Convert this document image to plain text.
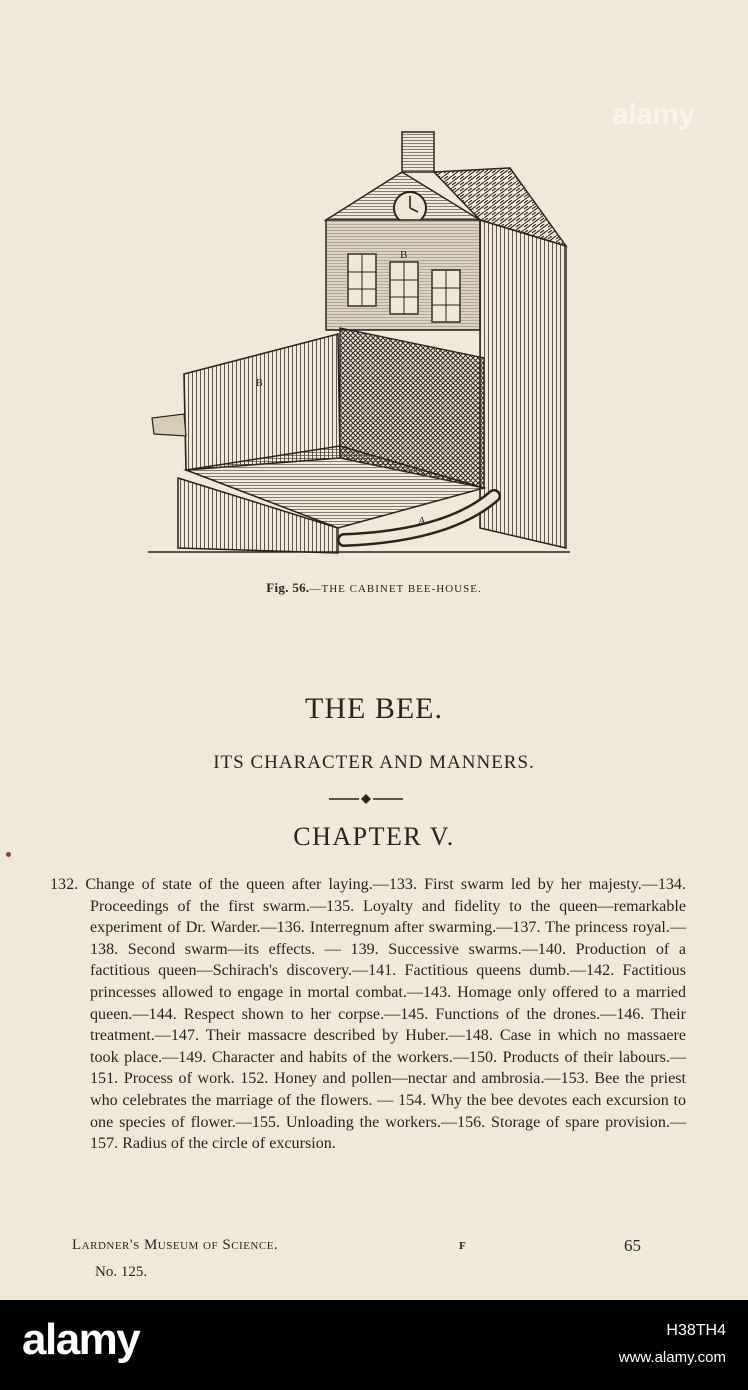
alamy
B
B
A
Fig. 56.—THE CABINET BEE-HOUSE.
THE BEE.
ITS CHARACTER AND MANNERS.
CHAPTER V.
132. Change of state of the queen after laying.—133. First swarm led by her majesty.—134. Proceedings of the first swarm.—135. Loyalty and fidelity to the queen—remarkable experiment of Dr. Warder.—136. Interregnum after swarming.—137. The princess royal.—138. Second swarm—its effects. — 139. Successive swarms.—140. Production of a factitious queen—Schirach's discovery.—141. Factitious queens dumb.—142. Factitious princesses allowed to engage in mortal combat.—143. Homage only offered to a married queen.—144. Respect shown to her corpse.—145. Functions of the drones.—146. Their treatment.—147. Their massacre described by Huber.—148. Case in which no massaere took place.—149. Character and habits of the workers.—150. Products of their labours.—151. Process of work. 152. Honey and pollen—nectar and ambrosia.—153. Bee the priest who celebrates the marriage of the flowers. — 154. Why the bee devotes each excursion to one species of flower.—155. Unloading the workers.—156. Storage of spare provision.—157. Radius of the circle of excursion.
Lardner's Museum of Science.	F	65
No. 125.
alamy	H38TH4
www.alamy.com
